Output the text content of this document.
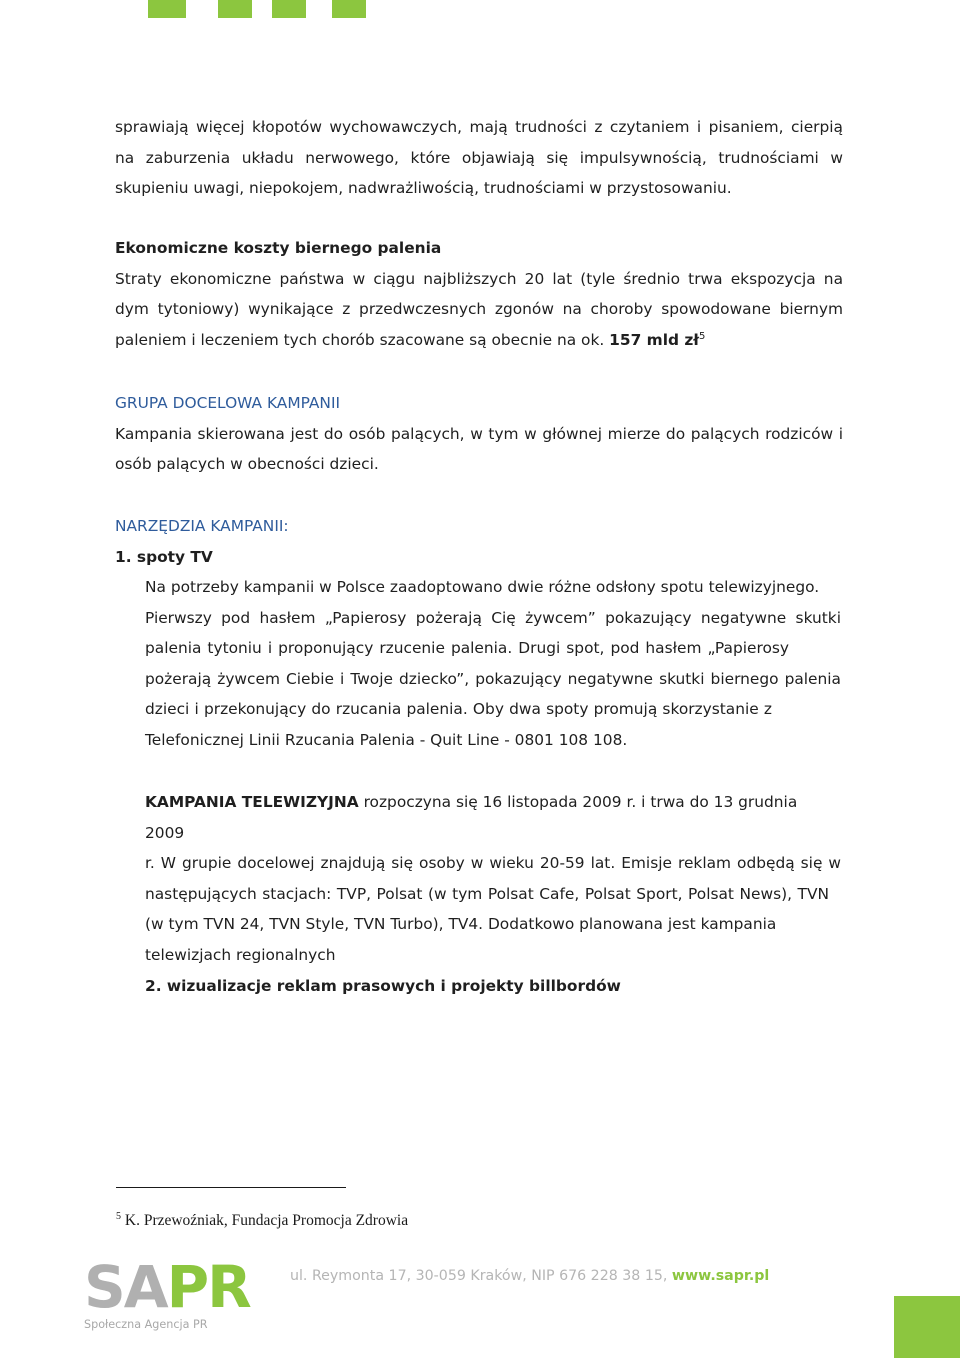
sprawiają więcej kłopotów wychowawczych, mają trudności z czytaniem i pisaniem, cierpią
na zaburzenia układu nerwowego, które objawiają się impulsywnością, trudnościami w
skupieniu uwagi, niepokojem, nadwrażliwością, trudnościami w przystosowaniu.
Ekonomiczne koszty biernego palenia
Straty ekonomiczne państwa w ciągu najbliższych 20 lat (tyle średnio trwa ekspozycja na
dym tytoniowy) wynikające z przedwczesnych zgonów na choroby spowodowane biernym
paleniem i leczeniem tych chorób szacowane są obecnie na ok. 157 mld $zł^5$
GRUPA DOCELOWA KAMPANII
Kampania skierowana jest do osób palących, w tym w głównej mierze do palących rodziców i
osób palących w obecności dzieci.
NARZĘDZIA KAMPANII:
1. spoty TV
Na potrzeby kampanii w Polsce zaadoptowano dwie różne odsłony spotu telewizyjnego.
Pierwszy pod hasłem „Papierosy pożerają Cię żywcem” pokazujący negatywne skutki
palenia tytoniu i proponujący rzucenie palenia. Drugi spot, pod hasłem „Papierosy
pożerają żywcem Ciebie i Twoje dziecko”, pokazujący negatywne skutki biernego palenia
dzieci i przekonujący do rzucania palenia. Oby dwa spoty promują skorzystanie z
Telefonicznej Linii Rzucania Palenia - Quit Line - 0801 108 108.
KAMPANIA TELEWIZYJNA rozpoczyna się 16 listopada 2009 r. i trwa do 13 grudnia 2009
r. W grupie docelowej znajdują się osoby w wieku 20-59 lat. Emisje reklam odbędą się w
następujących stacjach: TVP, Polsat (w tym Polsat Cafe, Polsat Sport, Polsat News), TVN
(w tym TVN 24, TVN Style, TVN Turbo), TV4. Dodatkowo planowana jest kampania
telewizjach regionalnych
2. wizualizacje reklam prasowych i projekty billbordów
$^5$ K. Przewoźniak, Fundacja Promocja Zdrowia
SAPR
Społeczna Agencja PR
ul. Reymonta 17, 30-059 Kraków, NIP 676 228 38 15, www.sapr.pl
